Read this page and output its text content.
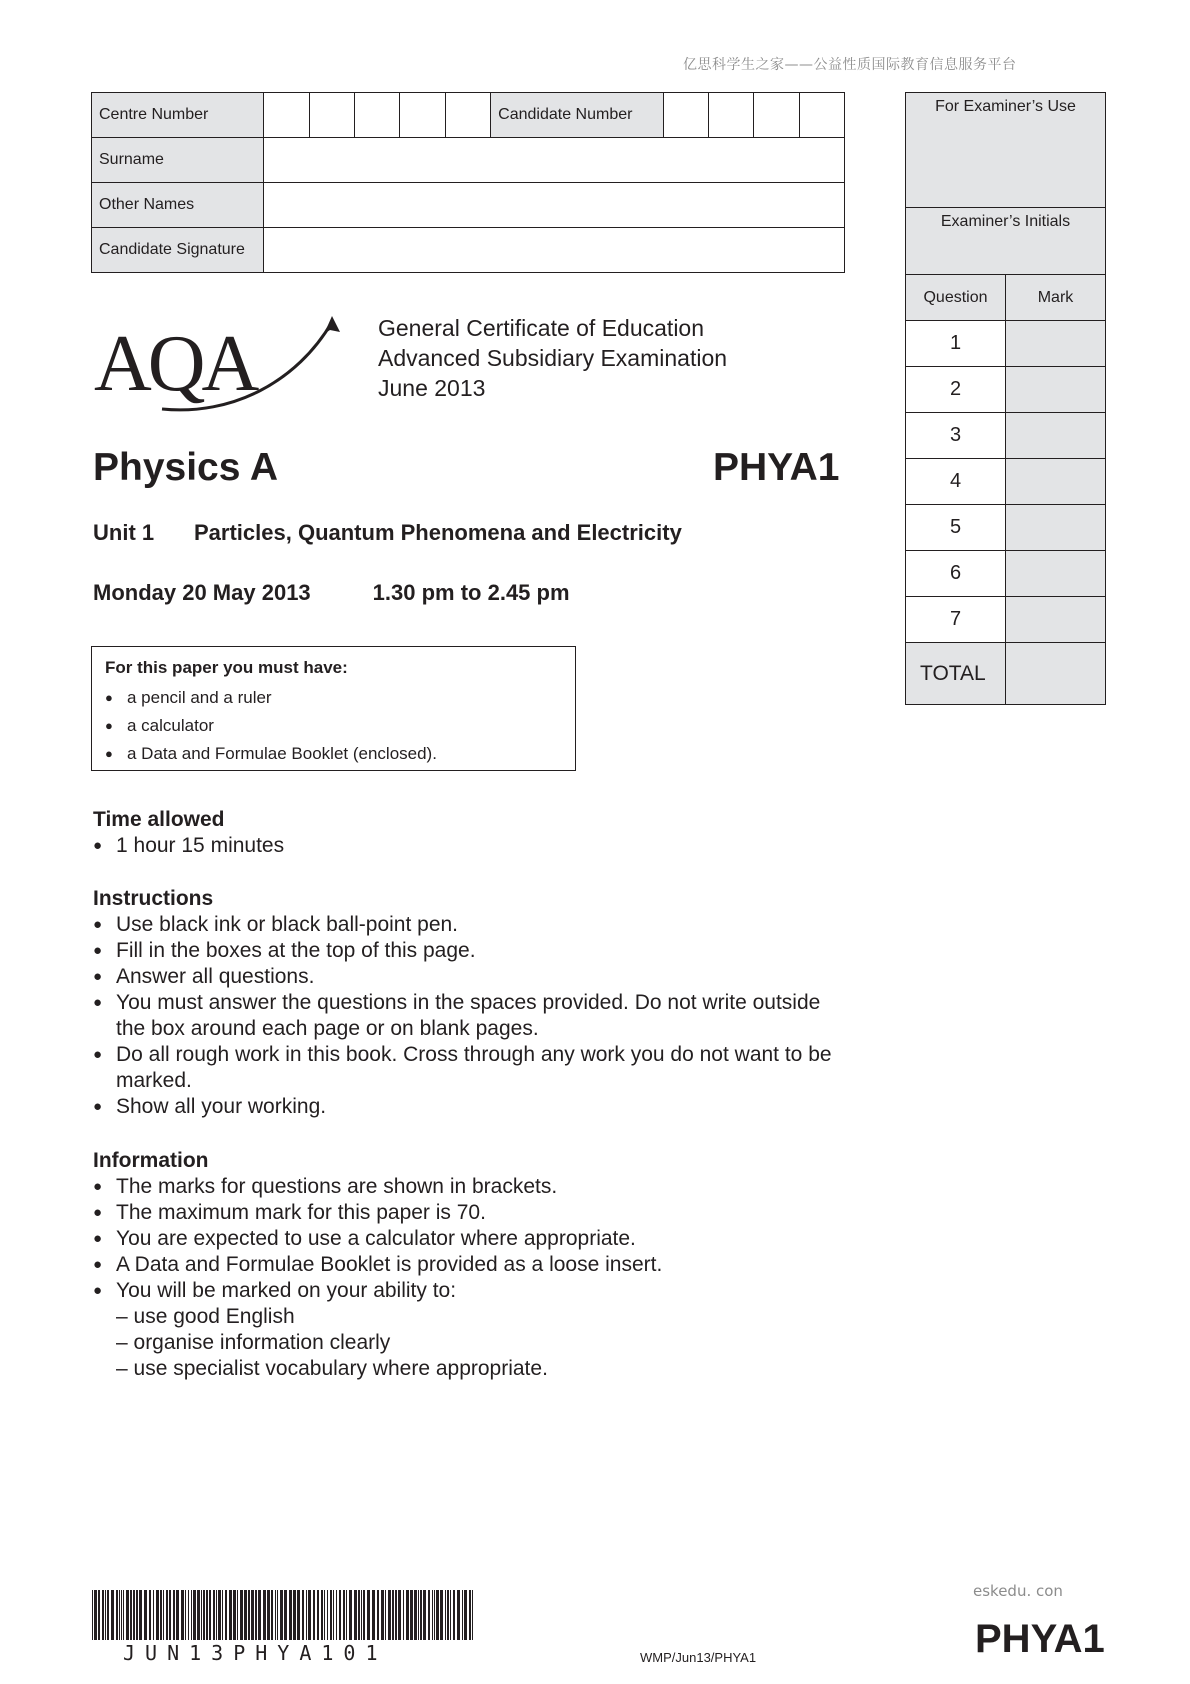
亿思科学生之家——公益性质国际教育信息服务平台
Centre Number						Candidate Number				
Surname										
Other Names										
Candidate Signature										
For Examiner’s Use	
Examiner’s Initials	
Question	Mark
1	
2	
3	
4	
5	
6	
7	
TOTAL	
AQA	General Certificate of Education
Advanced Subsidiary Examination
June 2013
Physics A	PHYA1
Unit 1 Particles, Quantum Phenomena and Electricity
Monday 20 May 2013	1.30 pm to 2.45 pm
For this paper you must have:
● a pencil and a ruler
● a calculator
● a Data and Formulae Booklet (enclosed).
Time allowed
● 1 hour 15 minutes
Instructions
● Use black ink or black ball-point pen.
● Fill in the boxes at the top of this page.
● Answer all questions.
● You must answer the questions in the spaces provided. Do not write outside the box around each page or on blank pages.
● Do all rough work in this book. Cross through any work you do not want to be marked.
● Show all your working.
Information
● The marks for questions are shown in brackets.
● The maximum mark for this paper is 70.
● You are expected to use a calculator where appropriate.
● A Data and Formulae Booklet is provided as a loose insert.
● You will be marked on your ability to:
– use good English
– organise information clearly
– use specialist vocabulary where appropriate.
JUN13PHYA101	WMP/Jun13/PHYA1
eskedu. con
PHYA1
